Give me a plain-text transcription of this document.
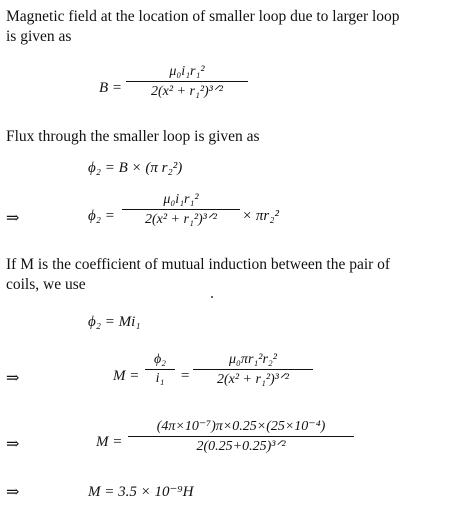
Magnetic field at the location of smaller loop due to larger loop
is given as
B =
μ₀i₁r₁²
2(x² + r₁²)³ᐟ²
Flux through the smaller loop is given as
ϕ₂ = B × (π r₂²)
⇒	ϕ₂ =
μ₀i₁r₁²
2(x² + r₁²)³ᐟ²	× πr₂²
If M is the coefficient of mutual induction between the pair of
coils, we use
ϕ₂ = Mi₁
⇒	$M = \frac{\text{ϕ₂}}{\text{i₁}}$ =
μ₀πr₁²r₂²
2(x² + r₁²)³ᐟ²
⇒	M =
(4π×10⁻⁷)π×0.25×(25×10⁻⁴)
2(0.25+0.25)³ᐟ²
⇒	M = 3.5 × 10⁻⁹H
